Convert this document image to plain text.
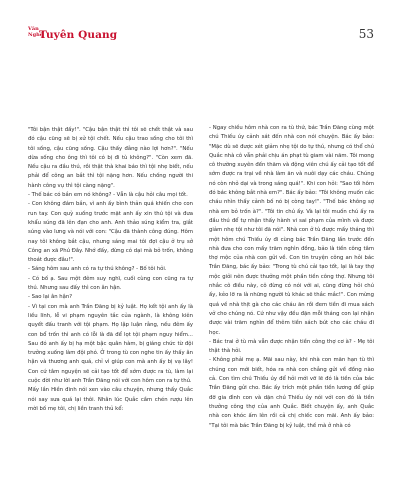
Văn
Nghệ
Tuyên Quang	53

"Tôi bận thật đấy!". "Cậu bận thật thì tôi sẽ chết thật và sau đó cậu cũng sẽ bị xử tội chết. Nếu cậu trao sống cho tôi thì tôi sống, cậu cũng sống. Cậu thấy đằng nào lợi hơn?". "Nếu dừa sống cho ông thì tôi có bị đi tù không?". "Còn xem đã. Nếu cậu ra đầu thú, rồi thật thà khai báo thì tội nhẹ biết, nếu phải để công an bắt thì tội nặng hơn. Nếu chống người thi hành công vụ thì tội càng nặng".

- Thế bác có bắn em nó không? - Vẫn là cậu hỏi câu mọi tốt.

- Con không đám bắn, vì anh ấy bình thản quá khiến cho con run tay. Con quỳ xuống trước mặt anh ấy xin thú tội và đưa khẩu súng đã lên đạn cho anh. Anh thảo súng kiểm tra, giắt súng vào lưng và nói với con: "Cậu đã thành công đúng. Hôm nay tôi không bắt cậu, nhưng sáng mai tôi đợi cậu ở trụ sở Công an xã Phú Đây. Nhớ đấy, đừng có dại mà bỏ trốn, không thoát được đâu!".

- Sáng hôm sau anh có ra tự thú không? - Bố tôi hỏi.

- Có bố ạ. Sau một đêm suy nghĩ, cuối cùng con cũng ra tự thú. Nhưng sau đấy thì con ân hận.

- Sao lại ân hận?

- Vì tại con mà anh Trần Đăng bị kỷ luật. Họ kết tội anh ấy là liều lĩnh, lễ vi phạm nguyên tắc của ngành, là không kiên quyết đấu tranh với tội phạm. Họ lập luận rằng, nếu đêm ấy con bổ trốn thì anh có lỗi là đã để lọt tội phạm nguy hiểm... Sau đó anh ấy bị hạ một bậc quân hàm, bị giáng chức từ đội trưởng xuống làm đội phó. Ở trong tù con nghe tin ấy thấy ân hận và thương anh quá, chỉ vì giúp con mà anh ấy bị vạ lây! Con cứ tâm nguyện sẽ cải tạo tốt để sớm được ra tù, làm lại cuộc đời như lời anh Trần Đăng nói với con hôm con ra tự thú.

Mấy lần Hiền đinh nói xen vào câu chuyện, nhưng thấy Quắc nói say sưa quá lại thôi. Nhân lúc Quắc cầm chén rượu lên mời bố mẹ tôi, chị liền tranh thủ kể:

- Ngay chiều hôm nhà con ra tù thứ, bác Trần Đăng cùng một chú Thiếu úy cảnh sát đến nhà con nói chuyện. Bác ấy bảo: "Mặc dù sẽ được xét giảm nhẹ tội do tự thú, nhưng có thể chú Quắc nhà cô vẫn phải chịu án phạt tù giam vài năm. Tôi mong cô thường xuyên đến thăm và động viên chú ấy cải tạo tốt để sớm được ra trại về nhà làm ăn và nuôi dạy các cháu. Chúng nó còn nhỏ dại và trong sáng quá!". Khi con hỏi: "Sao tối hôm đó bác không bắt nhà em?". Bác ấy bảo: "Tôi không muốn các cháu nhìn thấy cảnh bố nó bị còng tay!". "Thế bác không sợ nhà em bỏ trốn à?". "Tôi tin chú ấy. Và lại tôi muốn chú ấy ra đầu thú để tự nhận thấy hành vi sai phạm của mình và được giảm nhẹ tội như tôi đã nói". Nhà con ở tù được mấy tháng thì một hôm chú Thiếu úy đi cùng bác Trần Đăng lần trước đến nhà đưa cho con mấy trăm nghìn đồng, bảo là tiền công tâm thợ mộc của nhà con gửi về. Con tin truyện công an hỏi bác Trần Đăng, bác ấy bảo: "Trong tù chú cải tạo tốt, lại là tay thợ mộc giỏi nên được thưởng một phần tiền công thợ. Nhưng tôi nhắc cô điều này, cô đừng có nói với ai, cũng đừng hỏi chú ấy, kẻo lỡ ra là những người tù khác sẽ thắc mắc!". Con mừng quá về nhà thịt gà cho các cháu ăn rồi đem tiền đi mua sách vở cho chúng nó. Cứ như vậy đều đặn mỗi tháng con lại nhận được vài trăm nghìn để thêm tiền sách bút cho các cháu đi học.

- Bác trai ở tù mà vẫn được nhận tiền công thợ cơ à? - Mẹ tôi thật thà hỏi.

- Không phải mẹ ạ. Mãi sau này, khi nhà con mãn hạn tù thì chúng con mới biết, hóa ra nhà con chẳng gửi về đồng nào cả. Con tìm chú Thiếu úy để hỏi mới vỡ lẽ đó là tiền của bác Trần Đăng gửi cho. Bác ấy trích một phần tiền lương để giúp đỡ gia đình con và dặn chú Thiếu úy nói với con đó là tiền thưởng công thợ của anh Quắc. Biết chuyện ấy, anh Quắc nhà con khóc ấm lên rồi cả chị chiếc con mãi. Anh ấy bảo: "Tại tôi mà bác Trần Đăng bị kỷ luật, thế mà ở nhà có
